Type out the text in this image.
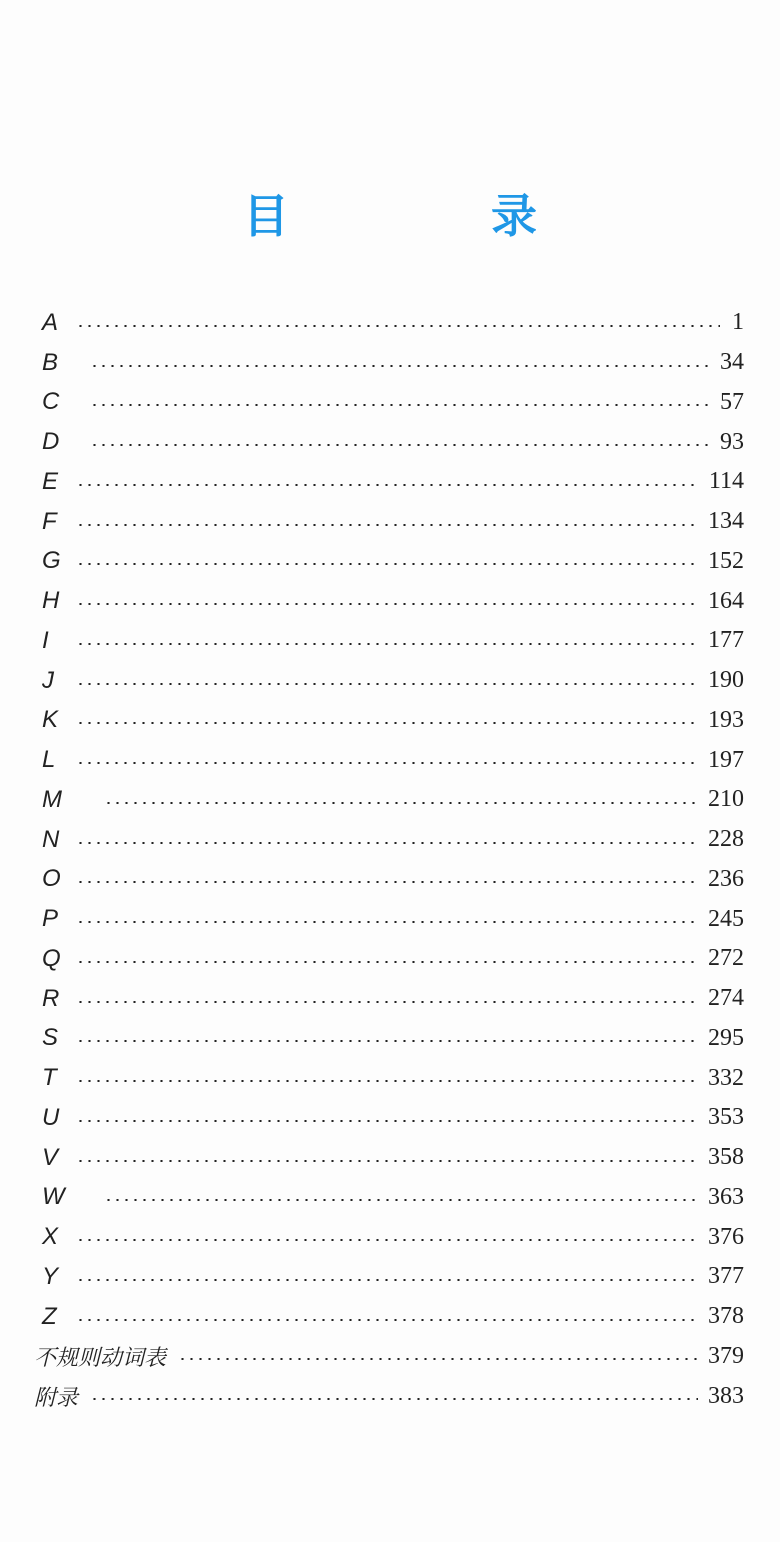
目　录
A	1
B	34
C	57
D	93
E	114
F	134
G	152
H	164
I	177
J	190
K	193
L	197
M	210
N	228
O	236
P	245
Q	272
R	274
S	295
T	332
U	353
V	358
W	363
X	376
Y	377
Z	378
不规则动词表	379
附录	383
